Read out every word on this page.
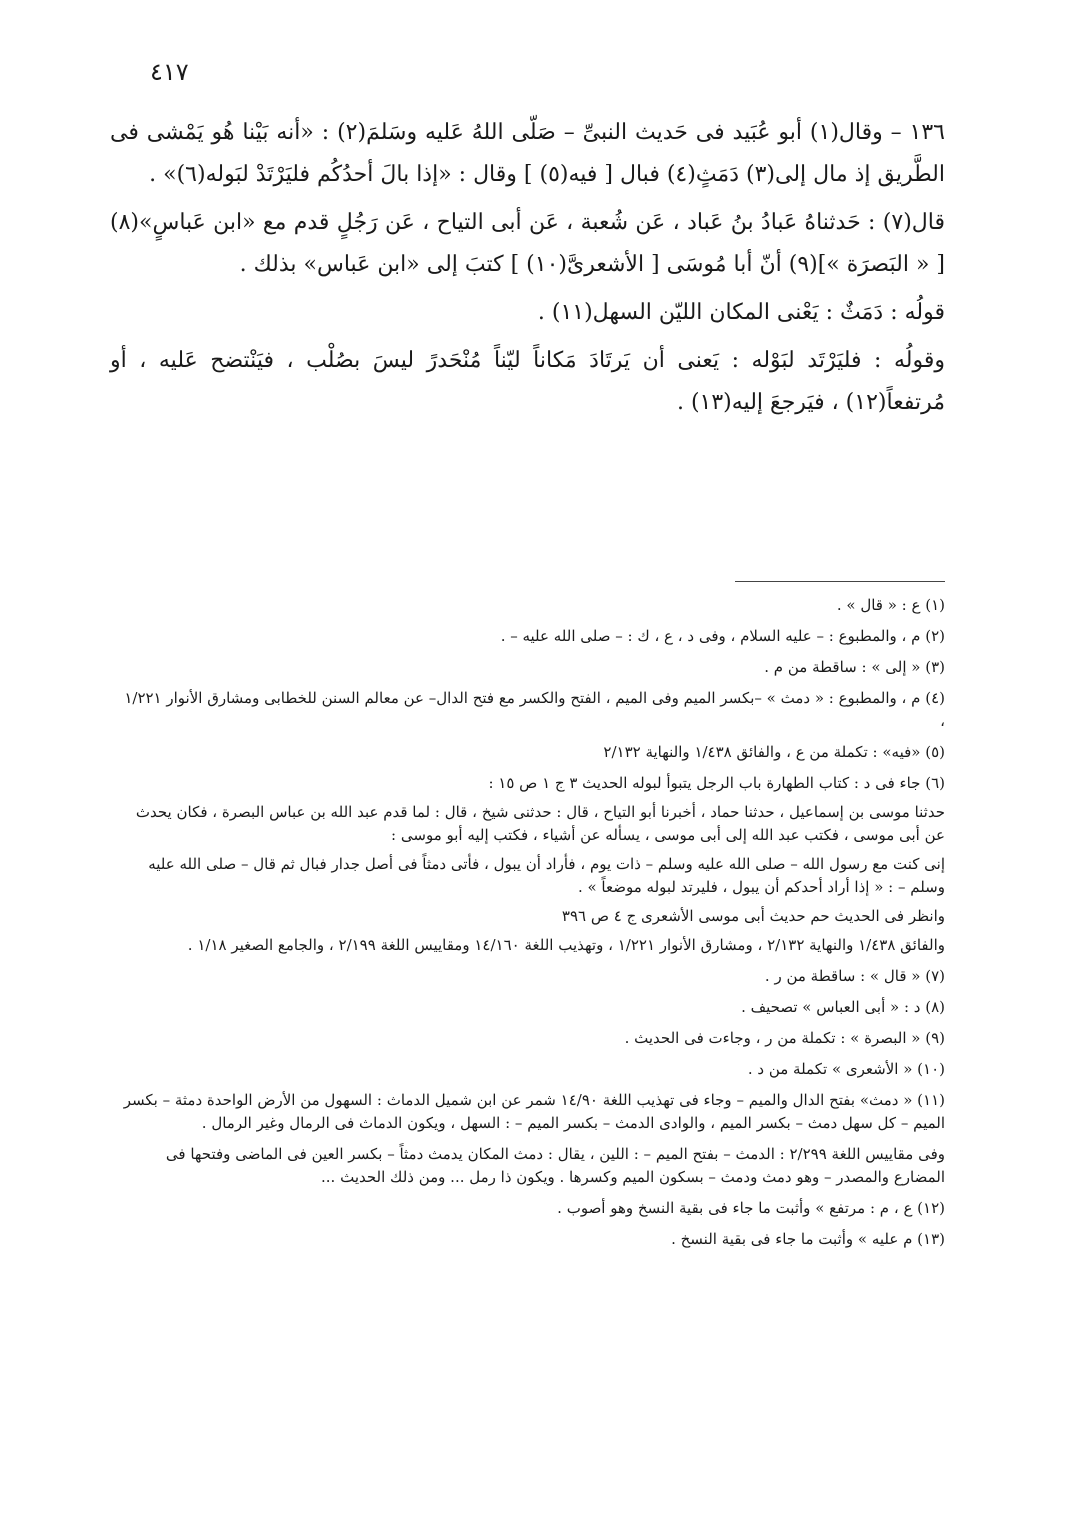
٤١٧

١٣٦ – وقال(١) أبو عُبَيد فى حَديث النبىِّ – صَلّى اللهُ عَليه وسَلمَ(٢) : «أنه بَيْنا هُو يَمْشى فى الطَّريق إذ مال إلى(٣) دَمَثٍ(٤) فبال [ فيه(٥) ] وقال : «إذا بالَ أحدُكُم فليَرْتَدْ لبَوله(٦)» .

قال(٧) : حَدثناهُ عَبادُ بنُ عَباد ، عَن شُعبة ، عَن أبى التياح ، عَن رَجُلٍ قدم مع «ابن عَباسٍ»(٨) [ « البَصرَة »](٩) أنّ أبا مُوسَى [ الأشعرىَّ(١٠) ] كتبَ إلى «ابن عَباس» بذلك .

قولُه : دَمَثٌ : يَعْنى المكان الليّن السهل(١١) .

وقولُه : فليَرْتَد لبَوْله : يَعنى أن يَرتَادَ مَكاناً ليّناً مُنْحَدرً ليسَ بصُلْب ، فيَنْتضح عَليه ، أو مُرتفعاً(١٢) ، فيَرجعَ إليه(١٣) .

(١) ع : « قال » .

(٢) م ، والمطبوع : – عليه السلام ، وفى د ، ع ، ك : – صلى الله عليه – .

(٣) « إلى » : ساقطة من م .

(٤) م ، والمطبوع : « دمث » –بكسر الميم وفى الميم ، الفتح والكسر مع فتح الدال– عن معالم السنن للخطابى ومشارق الأنوار ١/٢٢١ ،

(٥) «فيه» : تكملة من ع ، والفائق ١/٤٣٨ والنهاية ٢/١٣٢

(٦) جاء فى د : كتاب الطهارة باب الرجل يتبوأ لبوله الحديث ٣ ج ١ ص ١٥ :

حدثنا موسى بن إسماعيل ، حدثنا حماد ، أخبرنا أبو التياح ، قال : حدثنى شيخ ، قال : لما قدم عبد الله بن عباس البصرة ، فكان يحدث عن أبى موسى ، فكتب عبد الله إلى أبى موسى ، يسأله عن أشياء ، فكتب إليه أبو موسى :

إنى كنت مع رسول الله – صلى الله عليه وسلم – ذات يوم ، فأراد أن يبول ، فأتى دمثاً فى أصل جدار فبال ثم قال – صلى الله عليه وسلم – : « إذا أراد أحدكم أن يبول ، فليرتد لبوله موضعاً » .

وانظر فى الحديث حم حديث أبى موسى الأشعرى ج ٤ ص ٣٩٦

والفائق ١/٤٣٨ والنهاية ٢/١٣٢ ، ومشارق الأنوار ١/٢٢١ ، وتهذيب اللغة ١٤/١٦٠ ومقاييس اللغة ٢/١٩٩ ، والجامع الصغير ١/١٨ .

(٧) « قال » : ساقطة من ر .

(٨) د : « أبى العباس » تصحيف .

(٩) « البصرة » : تكملة من ر ، وجاءت فى الحديث .

(١٠) « الأشعرى » تكملة من د .

(١١) « دمث» بفتح الدال والميم – وجاء فى تهذيب اللغة ١٤/٩٠ شمر عن ابن شميل الدماث : السهول من الأرض الواحدة دمثة – بكسر الميم – كل سهل دمث – بكسر الميم ، والوادى الدمث – بكسر الميم – : السهل ، ويكون الدماث فى الرمال وغير الرمال .

وفى مقاييس اللغة ٢/٢٩٩ : الدمث – بفتح الميم – : اللين ، يقال : دمث المكان يدمث دمثاً – بكسر العين فى الماضى وفتحها فى المضارع والمصدر – وهو دمث ودمث – بسكون الميم وكسرها . ويكون ذا رمل ... ومن ذلك الحديث ...

(١٢) ع ، م : مرتفع » وأثبت ما جاء فى بقية النسخ وهو أصوب .

(١٣) م عليه » وأثبت ما جاء فى بقية النسخ .
